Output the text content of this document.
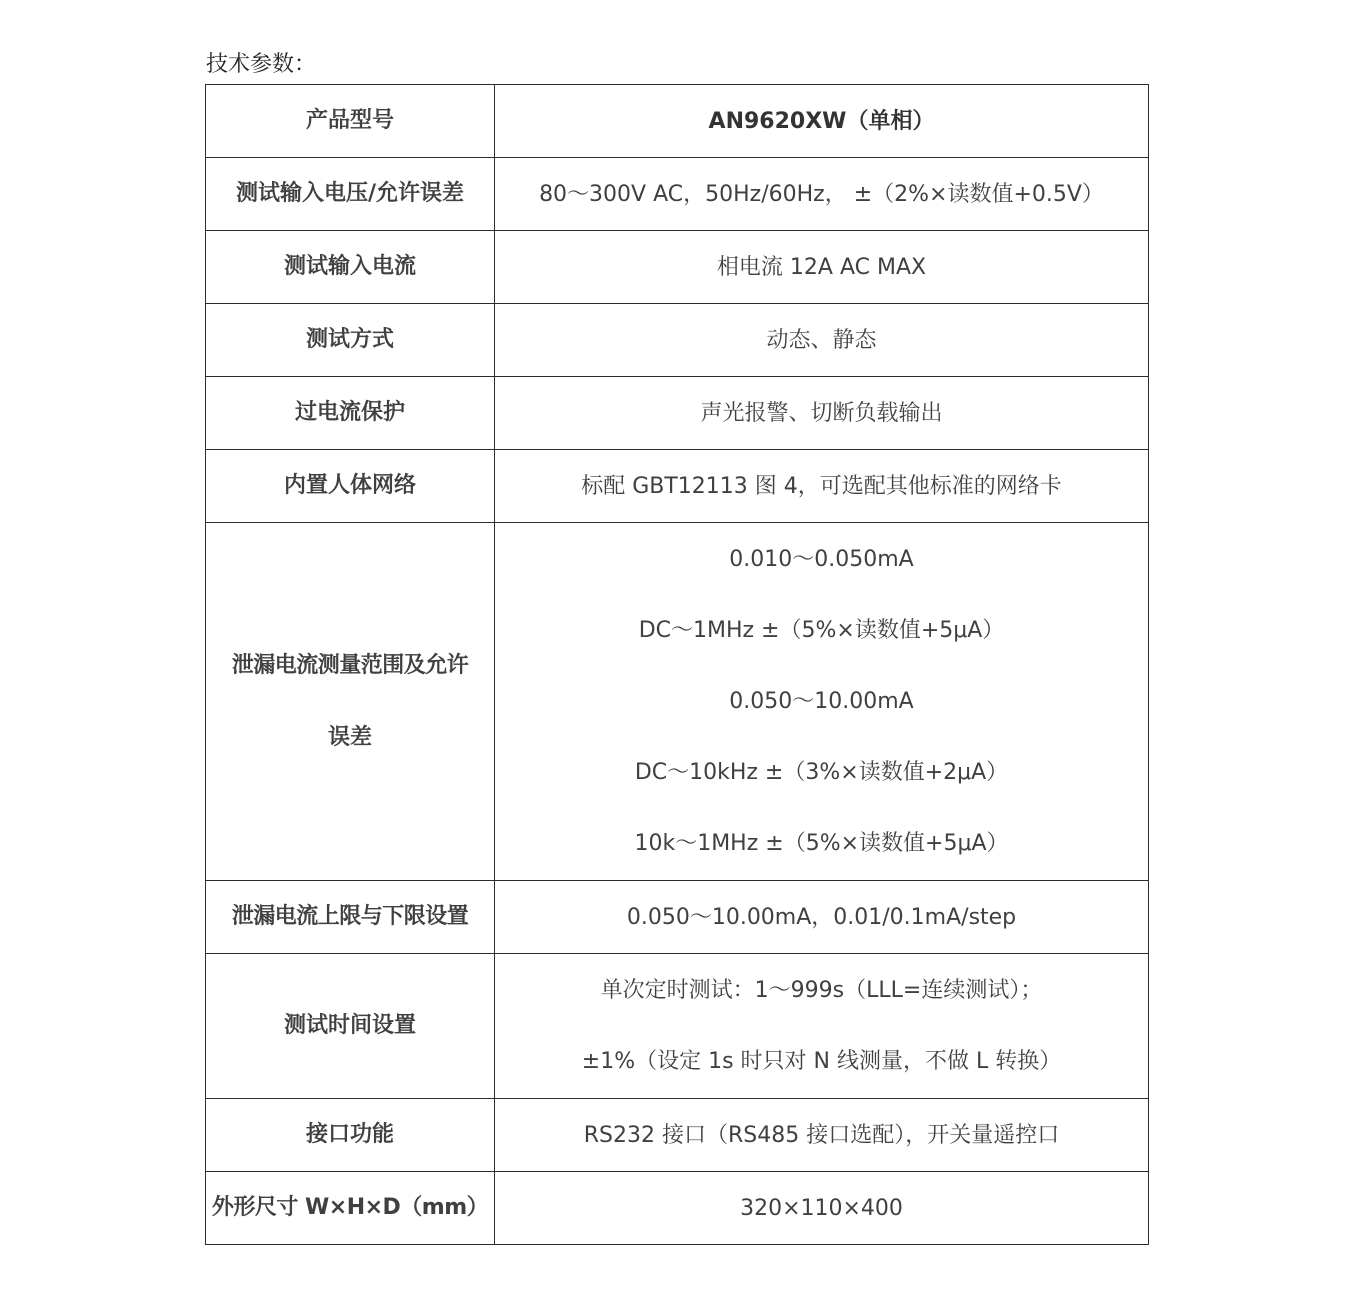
技术参数：
产品型号	AN9620XW（单相）

测试输入电压/允许误差	80～300V AC，50Hz/60Hz， ±（2%×读数值+0.5V）

测试输入电流	相电流 12A AC MAX

测试方式	动态、静态

过电流保护	声光报警、切断负载输出

内置人体网络	标配 GBT12113 图 4，可选配其他标准的网络卡

泄漏电流测量范围及允许
误差	0.010～0.050mA
DC～1MHz ±（5%×读数值+5μA）
0.050～10.00mA
DC～10kHz ±（3%×读数值+2μA）
10k～1MHz ±（5%×读数值+5μA）

泄漏电流上限与下限设置	0.050～10.00mA，0.01/0.1mA/step

测试时间设置	单次定时测试：1～999s（LLL=连续测试）；
±1%（设定 1s 时只对 N 线测量，不做 L 转换）

接口功能	RS232 接口（RS485 接口选配），开关量遥控口

外形尺寸 W×H×D（mm）	320×110×400
